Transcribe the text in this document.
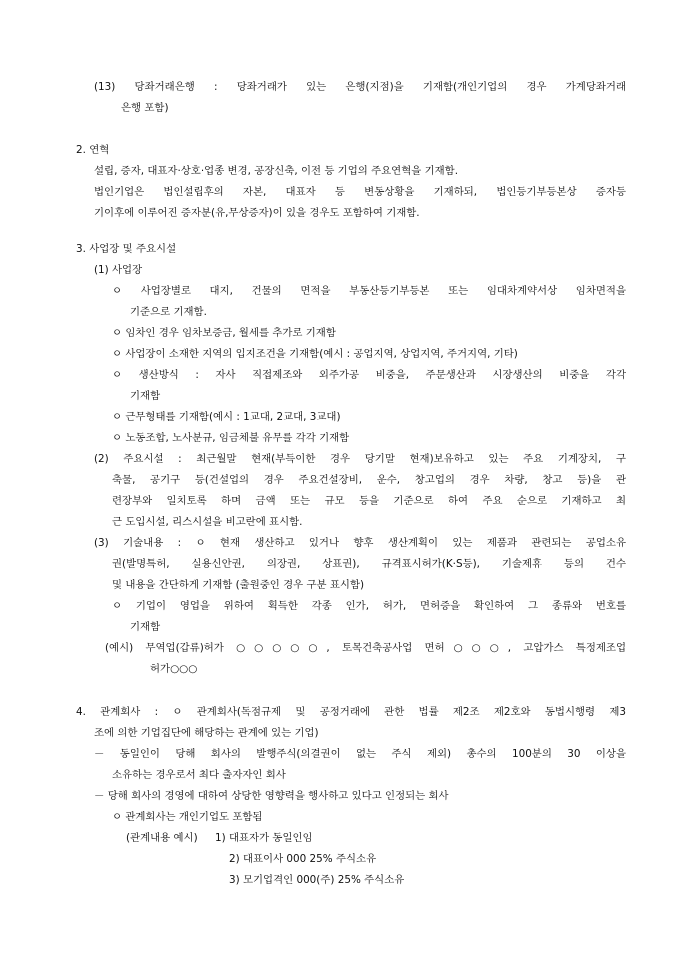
(13) 당좌거래은행 : 당좌거래가 있는 은행(지점)을 기재함(개인기업의 경우 가계당좌거래
은행 포함)
2. 연혁
설립, 증자, 대표자·상호·업종 변경, 공장신축, 이전 등 기업의 주요연혁을 기재함.
법인기업은 법인설립후의 자본, 대표자 등 변동상황을 기재하되, 법인등기부등본상 증자등
기이후에 이루어진 증자분(유,무상증자)이 있을 경우도 포함하여 기재함.
3. 사업장 및 주요시설
(1) 사업장
ㅇ 사업장별로 대지, 건물의 면적을 부동산등기부등본 또는 임대차계약서상 임차면적을
기준으로 기재함.
ㅇ 임차인 경우 임차보증금, 월세를 추가로 기재함
ㅇ 사업장이 소재한 지역의 입지조건을 기재함(예시 : 공업지역, 상업지역, 주거지역, 기타)
ㅇ 생산방식 : 자사 직접제조와 외주가공 비중을, 주문생산과 시장생산의 비중을 각각
기재함
ㅇ 근무형태를 기재함(예시 : 1교대, 2교대, 3교대)
ㅇ 노동조합, 노사분규, 임금체불 유무를 각각 기재함
(2) 주요시설 : 최근월말 현재(부득이한 경우 당기말 현재)보유하고 있는 주요 기계장치, 구
축물, 공기구 등(건설업의 경우 주요건설장비, 운수, 창고업의 경우 차량, 창고 등)을 관
련장부와 일치토록 하며 금액 또는 규모 등을 기준으로 하여 주요 순으로 기재하고 최
근 도입시설, 리스시설을 비고란에 표시함.
(3) 기술내용 : ㅇ 현재 생산하고 있거나 향후 생산계획이 있는 제품과 관련되는 공업소유
권(발명특허, 실용신안권, 의장권, 상표권), 규격표시허가(K·S등), 기술제휴 등의 건수
및 내용을 간단하게 기재함 (출원중인 경우 구분 표시함)
ㅇ 기업이 영업을 위하여 획득한 각종 인가, 허가, 면허증을 확인하여 그 종류와 번호를
기재함
(예시) 무역업(갑류)허가 ○○○○○, 토목건축공사업 면허○○○, 고압가스 특정제조업
허가○○○
4. 관계회사 : ㅇ 관계회사(독점규제 및 공정거래에 관한 법률 제2조 제2호와 동법시행령 제3
조에 의한 기업집단에 해당하는 관계에 있는 기업)
－ 동일인이 당해 회사의 발행주식(의결권이 없는 주식 제외) 총수의 100분의 30 이상을
소유하는 경우로서 최다 출자자인 회사
－ 당해 회사의 경영에 대하여 상당한 영향력을 행사하고 있다고 인정되는 회사
ㅇ 관계회사는 개인기업도 포함됨
(관계내용 예시) 1) 대표자가 동일인임
2) 대표이사 000 25% 주식소유
3) 모기업격인 000(주) 25% 주식소유
